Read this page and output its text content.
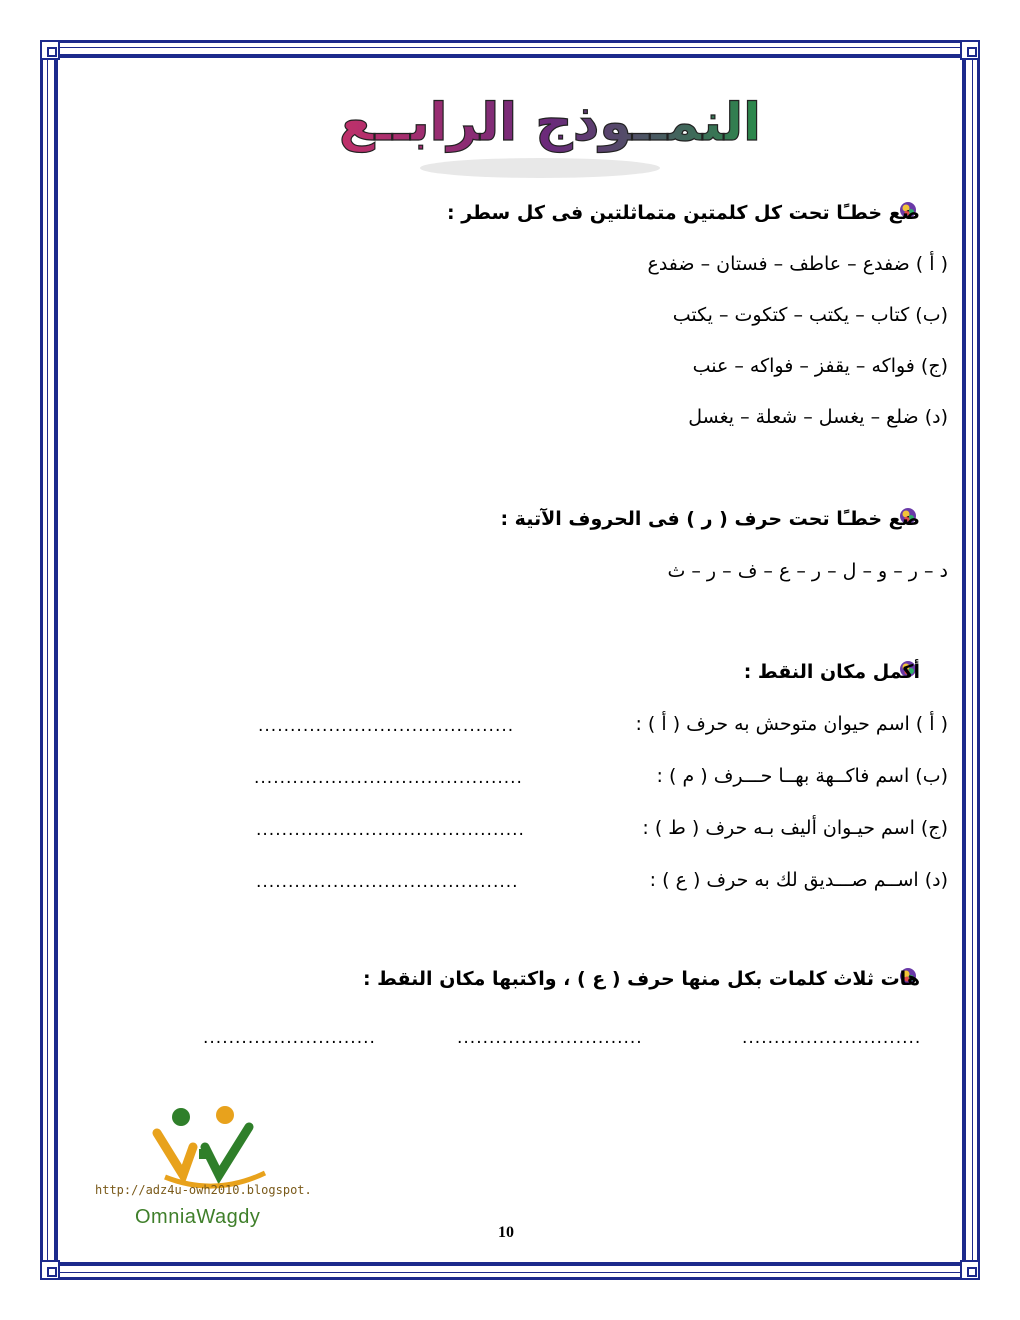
النمــوذج الرابــع
ضع خطـًا تحت كل كلمتين متماثلتين فى كل سطر :
( أ ) ضفدع – عاطف – فستان – ضفدع
(ب) كتاب – يكتب – كتكوت – يكتب
(ج) فواكه – يقفز – فواكه – عنب
(د) ضلع – يغسل – شعلة – يغسل
ضع خطـًا تحت حرف ( ر ) فى الحروف الآتية :
د – ر – و – ل – ر – ع – ف – ر – ث
أكمل مكان النقط :
( أ ) اسم حيوان متوحش به حرف ( أ ) :
........................................
(ب) اسم فاكــهة بهــا حـــرف ( م ) :
..........................................
(ج) اسم حيـوان أليف بـه حرف ( ط ) :
..........................................
(د) اســم صـــديق لك به حرف ( ع ) :
.........................................
هات ثلاث كلمات بكل منها حرف ( ع ) ، واكتبها مكان النقط :
............................
.............................
...........................
http://adz4u-owh2010.blogspot.
OmniaWagdy
10
